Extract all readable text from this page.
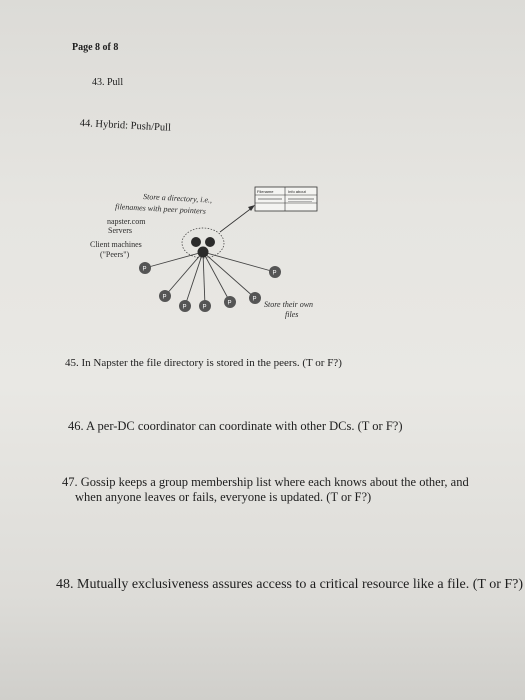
Page 8 of 8
43. Pull
44. Hybrid: Push/Pull
Filename	Info about
Store a directory, i.e.,
filenames with peer pointers
napster.com
Servers
Client machines
("Peers")
Store their own
files
P
P
P	P
P
P
P
45. In Napster the file directory is stored in the peers. (T or F?)
46. A per-DC coordinator can coordinate with other DCs. (T or F?)
47. Gossip keeps a group membership list where each knows about the other, and
when anyone leaves or fails, everyone is updated. (T or F?)
48. Mutually exclusiveness assures access to a critical resource like a file. (T or F?)
